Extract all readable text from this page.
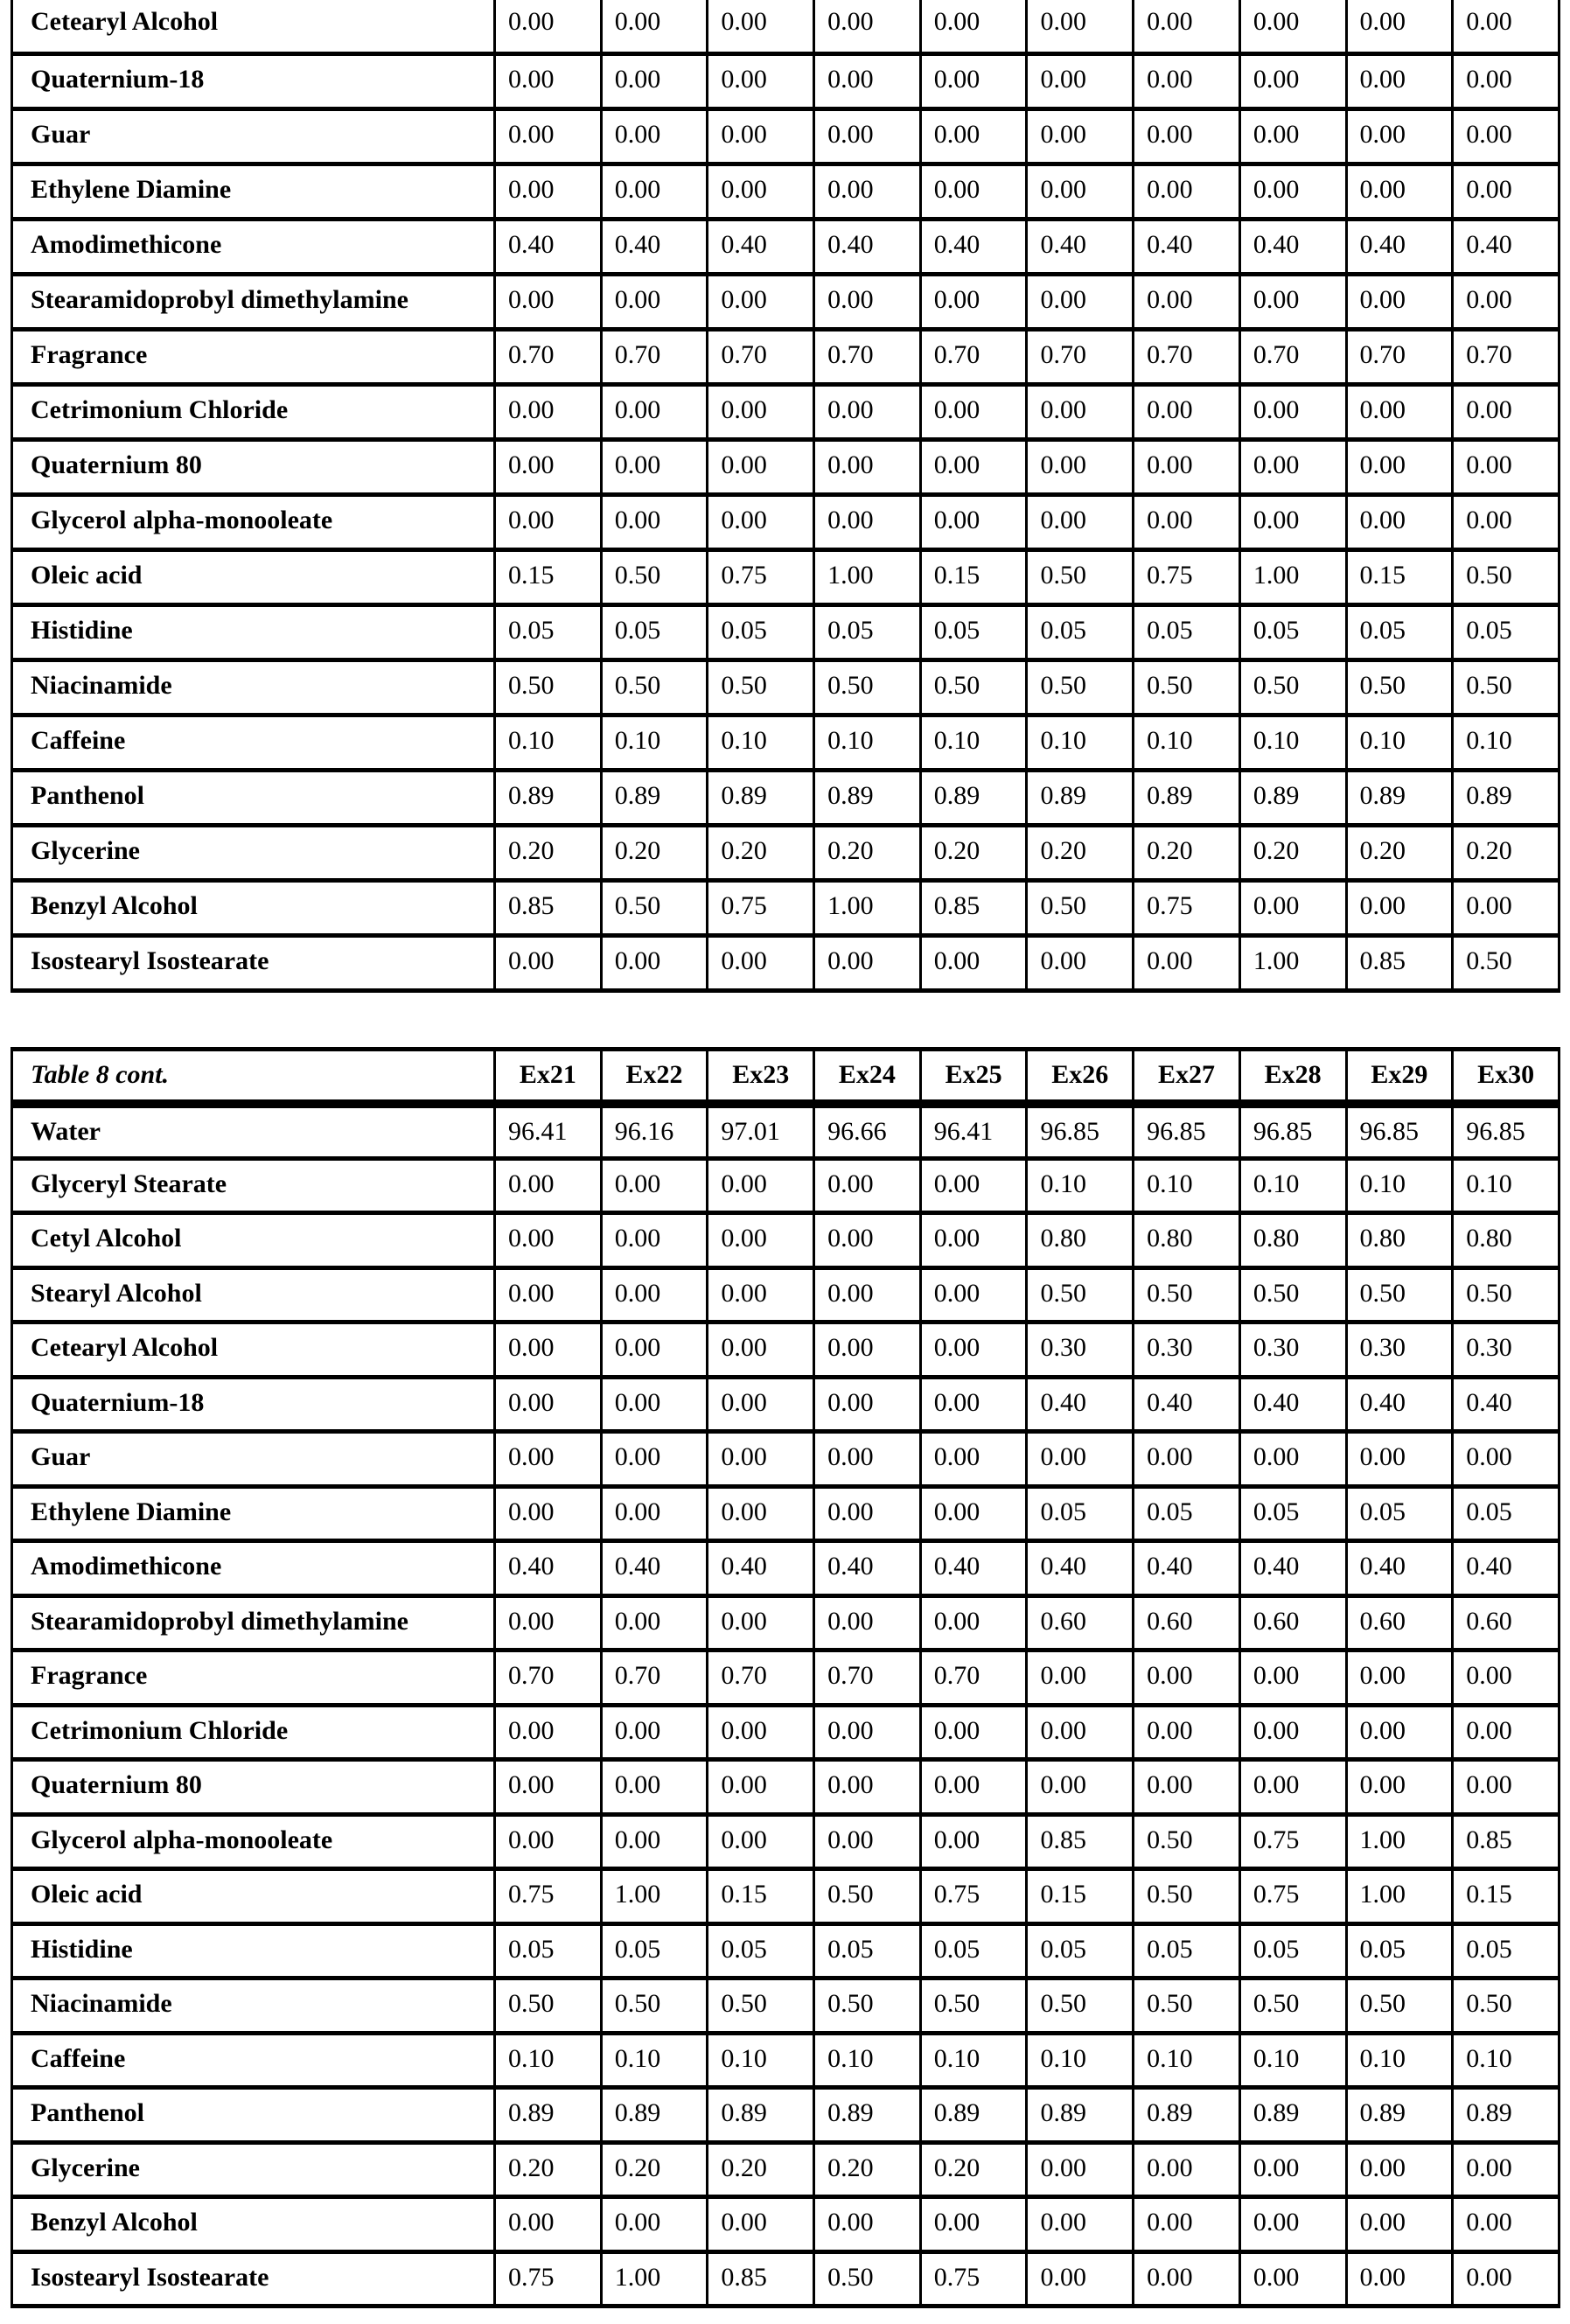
Cetearyl Alcohol	0.00	0.00	0.00	0.00	0.00	0.00	0.00	0.00	0.00	0.00
Quaternium-18	0.00	0.00	0.00	0.00	0.00	0.00	0.00	0.00	0.00	0.00
Guar	0.00	0.00	0.00	0.00	0.00	0.00	0.00	0.00	0.00	0.00
Ethylene Diamine	0.00	0.00	0.00	0.00	0.00	0.00	0.00	0.00	0.00	0.00
Amodimethicone	0.40	0.40	0.40	0.40	0.40	0.40	0.40	0.40	0.40	0.40
Stearamidoprobyl dimethylamine	0.00	0.00	0.00	0.00	0.00	0.00	0.00	0.00	0.00	0.00
Fragrance	0.70	0.70	0.70	0.70	0.70	0.70	0.70	0.70	0.70	0.70
Cetrimonium Chloride	0.00	0.00	0.00	0.00	0.00	0.00	0.00	0.00	0.00	0.00
Quaternium 80	0.00	0.00	0.00	0.00	0.00	0.00	0.00	0.00	0.00	0.00
Glycerol alpha-monooleate	0.00	0.00	0.00	0.00	0.00	0.00	0.00	0.00	0.00	0.00
Oleic acid	0.15	0.50	0.75	1.00	0.15	0.50	0.75	1.00	0.15	0.50
Histidine	0.05	0.05	0.05	0.05	0.05	0.05	0.05	0.05	0.05	0.05
Niacinamide	0.50	0.50	0.50	0.50	0.50	0.50	0.50	0.50	0.50	0.50
Caffeine	0.10	0.10	0.10	0.10	0.10	0.10	0.10	0.10	0.10	0.10
Panthenol	0.89	0.89	0.89	0.89	0.89	0.89	0.89	0.89	0.89	0.89
Glycerine	0.20	0.20	0.20	0.20	0.20	0.20	0.20	0.20	0.20	0.20
Benzyl Alcohol	0.85	0.50	0.75	1.00	0.85	0.50	0.75	0.00	0.00	0.00
Isostearyl Isostearate	0.00	0.00	0.00	0.00	0.00	0.00	0.00	1.00	0.85	0.50
Table 8 cont.	Ex21	Ex22	Ex23	Ex24	Ex25	Ex26	Ex27	Ex28	Ex29	Ex30
Water	96.41	96.16	97.01	96.66	96.41	96.85	96.85	96.85	96.85	96.85
Glyceryl Stearate	0.00	0.00	0.00	0.00	0.00	0.10	0.10	0.10	0.10	0.10
Cetyl Alcohol	0.00	0.00	0.00	0.00	0.00	0.80	0.80	0.80	0.80	0.80
Stearyl Alcohol	0.00	0.00	0.00	0.00	0.00	0.50	0.50	0.50	0.50	0.50
Cetearyl Alcohol	0.00	0.00	0.00	0.00	0.00	0.30	0.30	0.30	0.30	0.30
Quaternium-18	0.00	0.00	0.00	0.00	0.00	0.40	0.40	0.40	0.40	0.40
Guar	0.00	0.00	0.00	0.00	0.00	0.00	0.00	0.00	0.00	0.00
Ethylene Diamine	0.00	0.00	0.00	0.00	0.00	0.05	0.05	0.05	0.05	0.05
Amodimethicone	0.40	0.40	0.40	0.40	0.40	0.40	0.40	0.40	0.40	0.40
Stearamidoprobyl dimethylamine	0.00	0.00	0.00	0.00	0.00	0.60	0.60	0.60	0.60	0.60
Fragrance	0.70	0.70	0.70	0.70	0.70	0.00	0.00	0.00	0.00	0.00
Cetrimonium Chloride	0.00	0.00	0.00	0.00	0.00	0.00	0.00	0.00	0.00	0.00
Quaternium 80	0.00	0.00	0.00	0.00	0.00	0.00	0.00	0.00	0.00	0.00
Glycerol alpha-monooleate	0.00	0.00	0.00	0.00	0.00	0.85	0.50	0.75	1.00	0.85
Oleic acid	0.75	1.00	0.15	0.50	0.75	0.15	0.50	0.75	1.00	0.15
Histidine	0.05	0.05	0.05	0.05	0.05	0.05	0.05	0.05	0.05	0.05
Niacinamide	0.50	0.50	0.50	0.50	0.50	0.50	0.50	0.50	0.50	0.50
Caffeine	0.10	0.10	0.10	0.10	0.10	0.10	0.10	0.10	0.10	0.10
Panthenol	0.89	0.89	0.89	0.89	0.89	0.89	0.89	0.89	0.89	0.89
Glycerine	0.20	0.20	0.20	0.20	0.20	0.00	0.00	0.00	0.00	0.00
Benzyl Alcohol	0.00	0.00	0.00	0.00	0.00	0.00	0.00	0.00	0.00	0.00
Isostearyl Isostearate	0.75	1.00	0.85	0.50	0.75	0.00	0.00	0.00	0.00	0.00
